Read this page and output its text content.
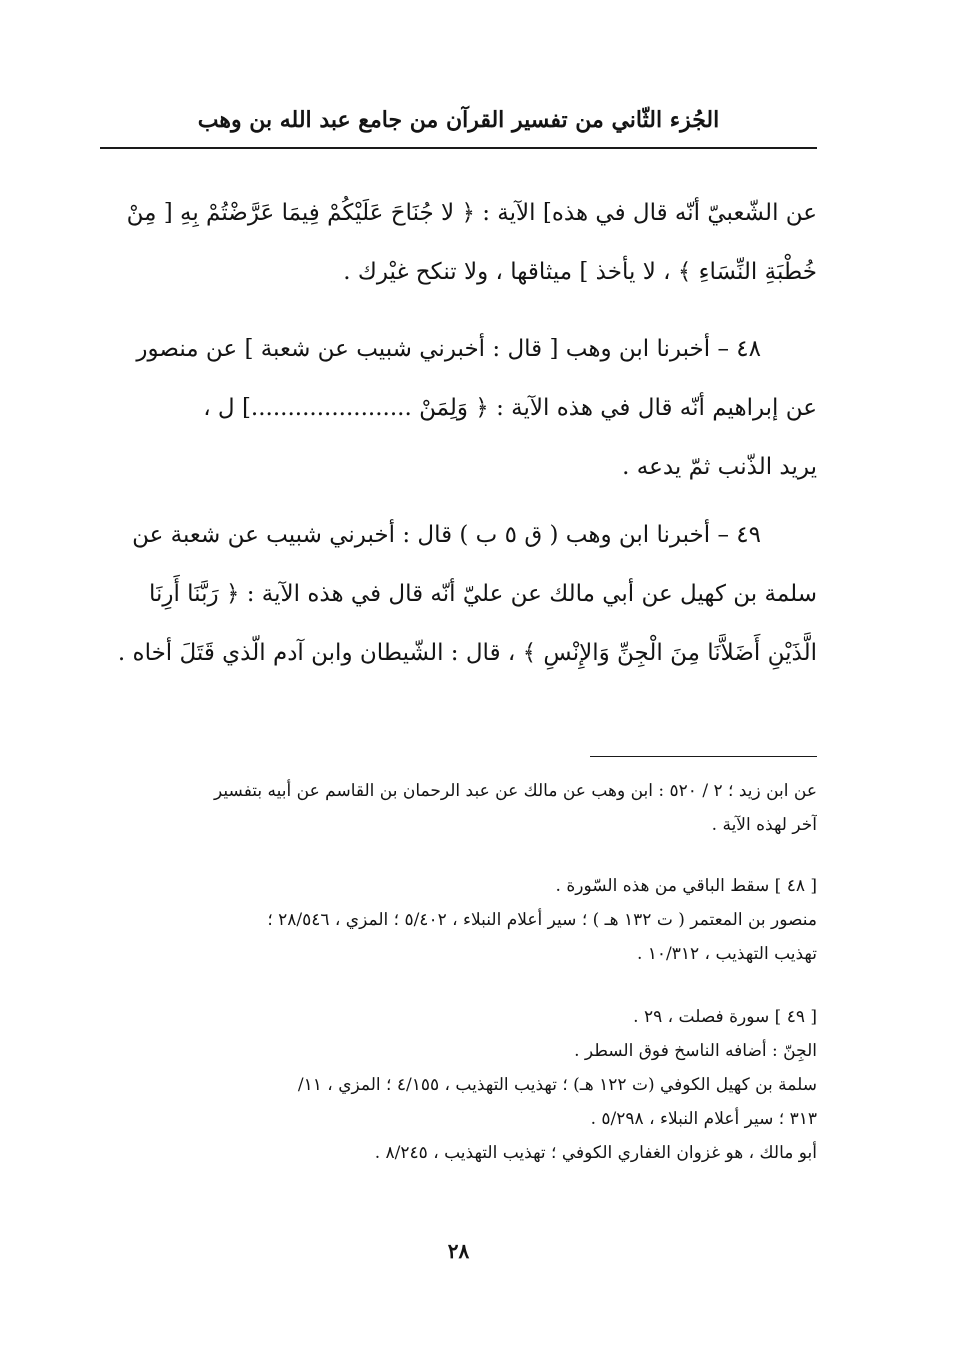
الجُزء الثّاني من تفسير القرآن من جامع عبد الله بن وهب
عن الشّعبيّ أنّه قال في هذه] الآية : ﴿ لا جُنَاحَ عَلَيْكُمْ فِيمَا عَرَّضْتُمْ بِهِ [ مِنْ
خُطْبَةِ النِّسَاءِ ﴾ ، لا يأخذ ] ميثاقها ، ولا تنكح غيْرك .
٤٨ – أخبرنا ابن وهب [ قال : أخبرني شبيب عن شعبة ] عن منصور
عن إبراهيم أنّه قال في هذه الآية : ﴿ وَلِمَنْ ......................] ل ،
يريد الذّنب ثمّ يدعه .
٤٩ – أخبرنا ابن وهب ( ق ٥ ب ) قال : أخبرني شبيب عن شعبة عن
سلمة بن كهيل عن أبي مالك عن عليّ أنّه قال في هذه الآية : ﴿ رَبَّنَا أَرِنَا
الَّذَيْنِ أَضَلاَّنَا مِنَ الْجِنِّ وَالإِنْسِ ﴾ ، قال : الشّيطان وابن آدم الّذي قَتَلَ أخاه .
عن ابن زيد ؛ ٢ / ٥٢٠ : ابن وهب عن مالك عن عبد الرحمان بن القاسم عن أبيه بتفسير
آخر لهذه الآية .
[ ٤٨ ] سقط الباقي من هذه السّورة .
منصور بن المعتمر ( ت ١٣٢ هـ ) ؛ سير أعلام النبلاء ، ٥/٤٠٢ ؛ المزي ، ٢٨/٥٤٦ ؛
تهذيب التهذيب ، ١٠/٣١٢ .
[ ٤٩ ] سورة فصلت ، ٢٩ .
الجِنّ : أضافه الناسخ فوق السطر .
سلمة بن كهيل الكوفي (ت ١٢٢ هـ) ؛ تهذيب التهذيب ، ٤/١٥٥ ؛ المزي ، ١١/
٣١٣ ؛ سير أعلام النبلاء ، ٥/٢٩٨ .
أبو مالك ، هو غزوان الغفاري الكوفي ؛ تهذيب التهذيب ، ٨/٢٤٥ .
٢٨
